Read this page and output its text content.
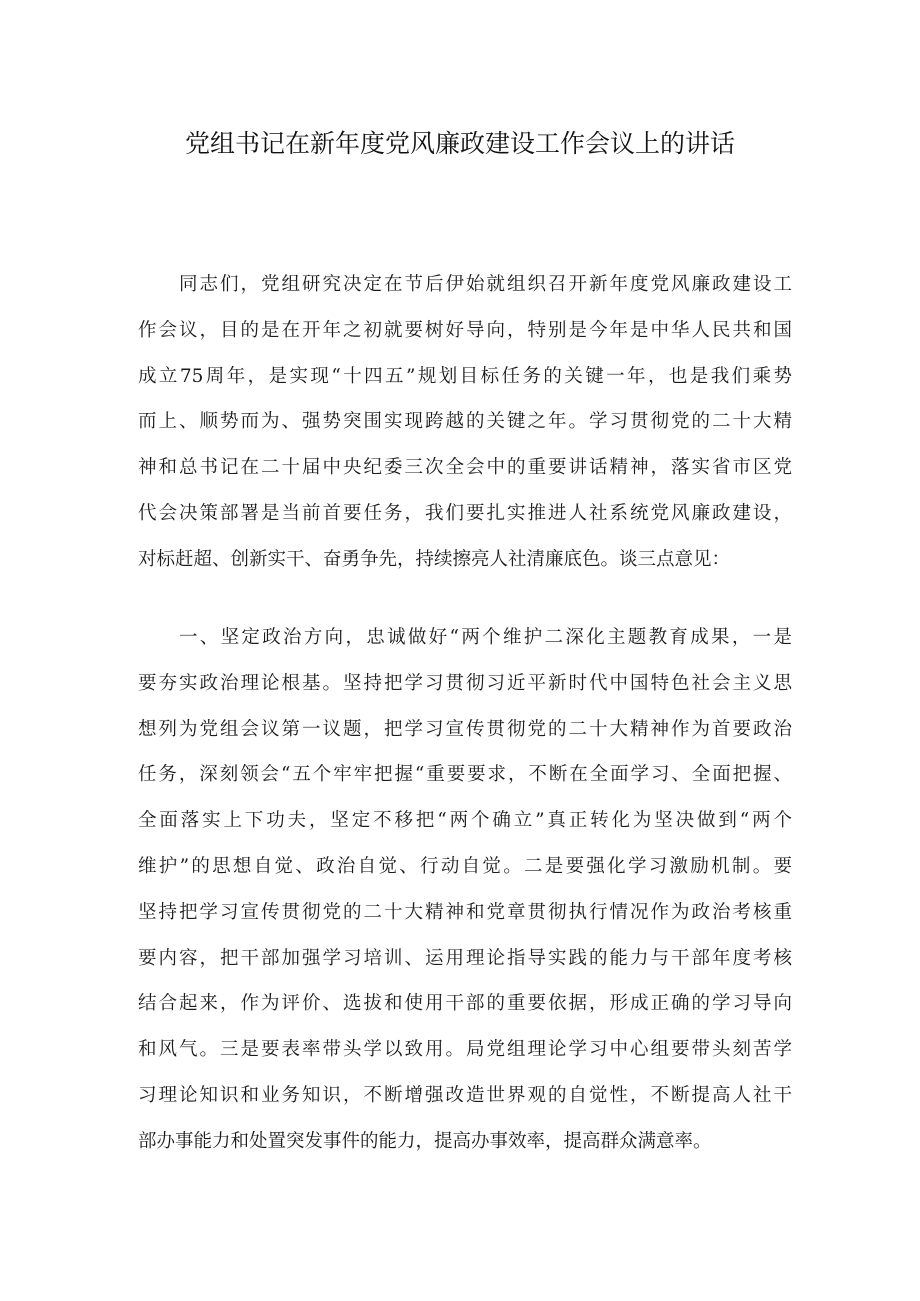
党组书记在新年度党风廉政建设工作会议上的讲话
同志们，党组研究决定在节后伊始就组织召开新年度党风廉政建设工
作会议，目的是在开年之初就要树好导向，特别是今年是中华人民共和国
成立75周年，是实现“十四五”规划目标任务的关键一年，也是我们乘势
而上、顺势而为、强势突围实现跨越的关键之年。学习贯彻党的二十大精
神和总书记在二十届中央纪委三次全会中的重要讲话精神，落实省市区党
代会决策部署是当前首要任务，我们要扎实推进人社系统党风廉政建设，
对标赶超、创新实干、奋勇争先，持续擦亮人社清廉底色。谈三点意见：
一、坚定政治方向，忠诚做好“两个维护二深化主题教育成果，一是
要夯实政治理论根基。坚持把学习贯彻习近平新时代中国特色社会主义思
想列为党组会议第一议题，把学习宣传贯彻党的二十大精神作为首要政治
任务，深刻领会“五个牢牢把握“重要要求，不断在全面学习、全面把握、
全面落实上下功夫，坚定不移把“两个确立”真正转化为坚决做到“两个
维护”的思想自觉、政治自觉、行动自觉。二是要强化学习激励机制。要
坚持把学习宣传贯彻党的二十大精神和党章贯彻执行情况作为政治考核重
要内容，把干部加强学习培训、运用理论指导实践的能力与干部年度考核
结合起来，作为评价、选拔和使用干部的重要依据，形成正确的学习导向
和风气。三是要表率带头学以致用。局党组理论学习中心组要带头刻苦学
习理论知识和业务知识，不断增强改造世界观的自觉性，不断提高人社干
部办事能力和处置突发事件的能力，提高办事效率，提高群众满意率。
